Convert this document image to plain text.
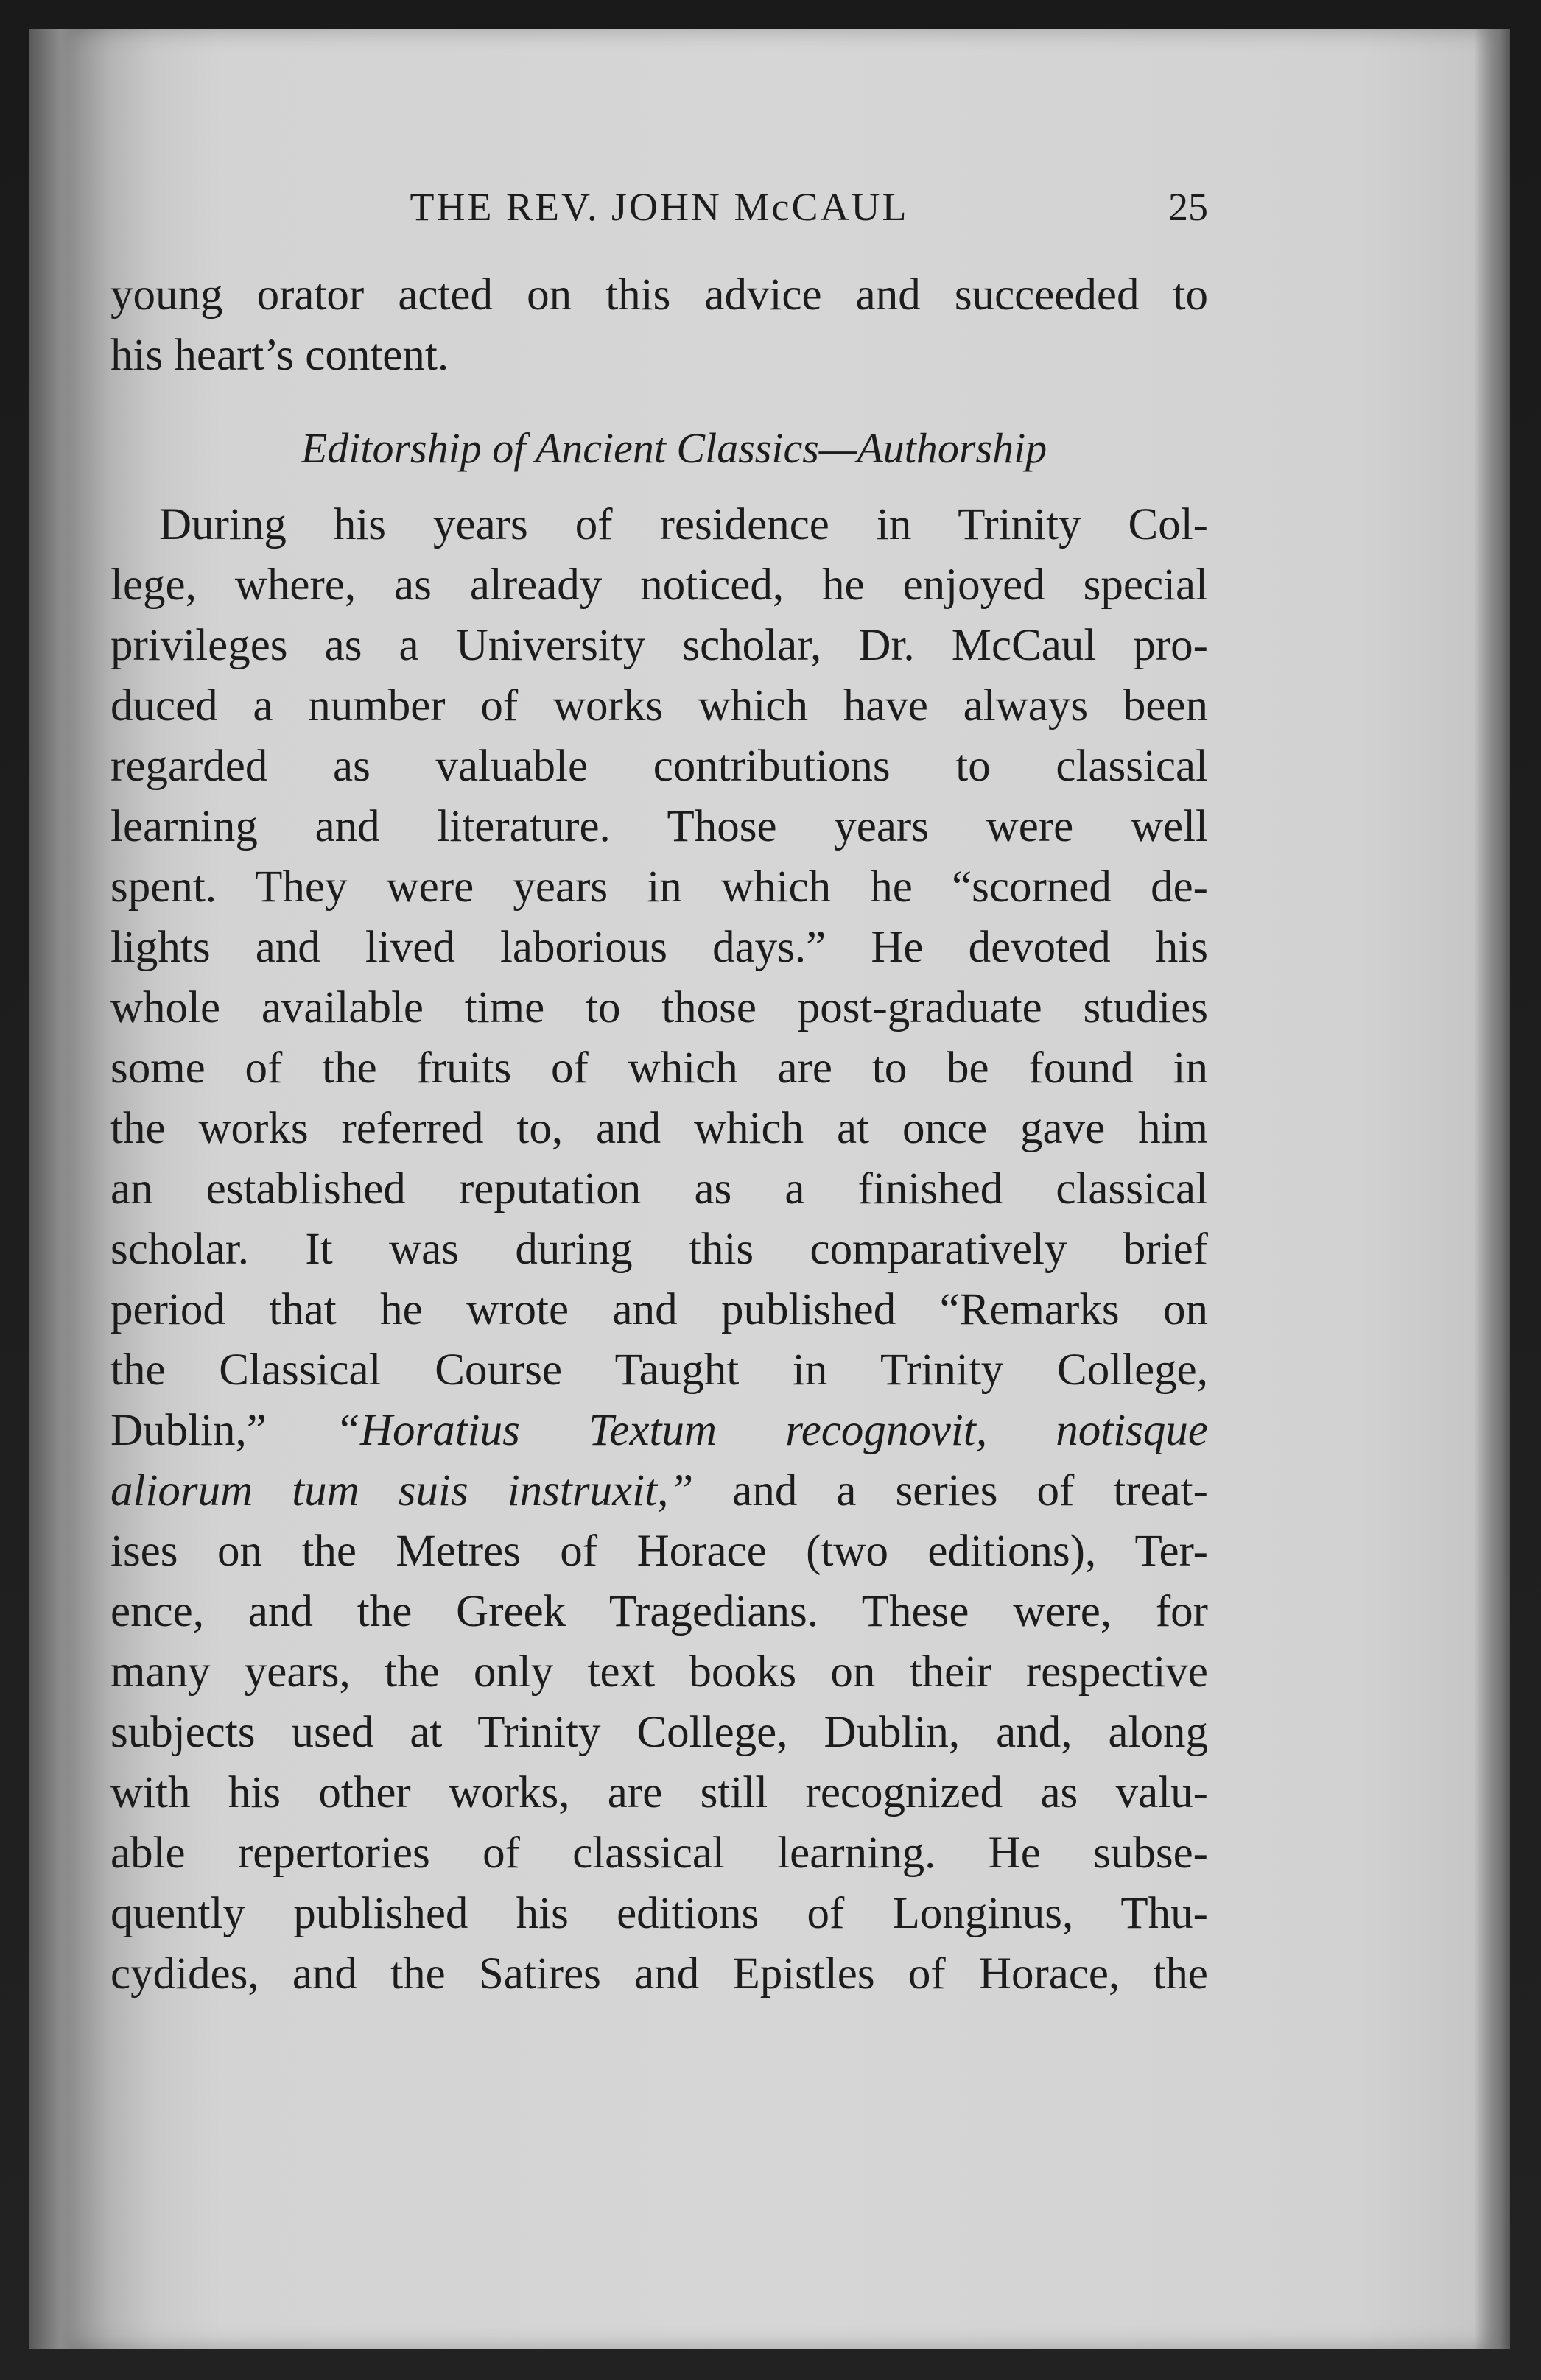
THE REV. JOHN McCAUL	25
young orator acted on this advice and succeeded to
his heart’s content.
Editorship of Ancient Classics—Authorship
During his years of residence in Trinity Col-
lege, where, as already noticed, he enjoyed special
privileges as a University scholar, Dr. McCaul pro-
duced a number of works which have always been
regarded as valuable contributions to classical
learning and literature. Those years were well
spent. They were years in which he “scorned de-
lights and lived laborious days.” He devoted his
whole available time to those post-graduate studies
some of the fruits of which are to be found in
the works referred to, and which at once gave him
an established reputation as a finished classical
scholar. It was during this comparatively brief
period that he wrote and published “Remarks on
the Classical Course Taught in Trinity College,
Dublin,” “Horatius Textum recognovit, notisque
aliorum tum suis instruxit,” and a series of treat-
ises on the Metres of Horace (two editions), Ter-
ence, and the Greek Tragedians. These were, for
many years, the only text books on their respective
subjects used at Trinity College, Dublin, and, along
with his other works, are still recognized as valu-
able repertories of classical learning. He subse-
quently published his editions of Longinus, Thu-
cydides, and the Satires and Epistles of Horace, the
